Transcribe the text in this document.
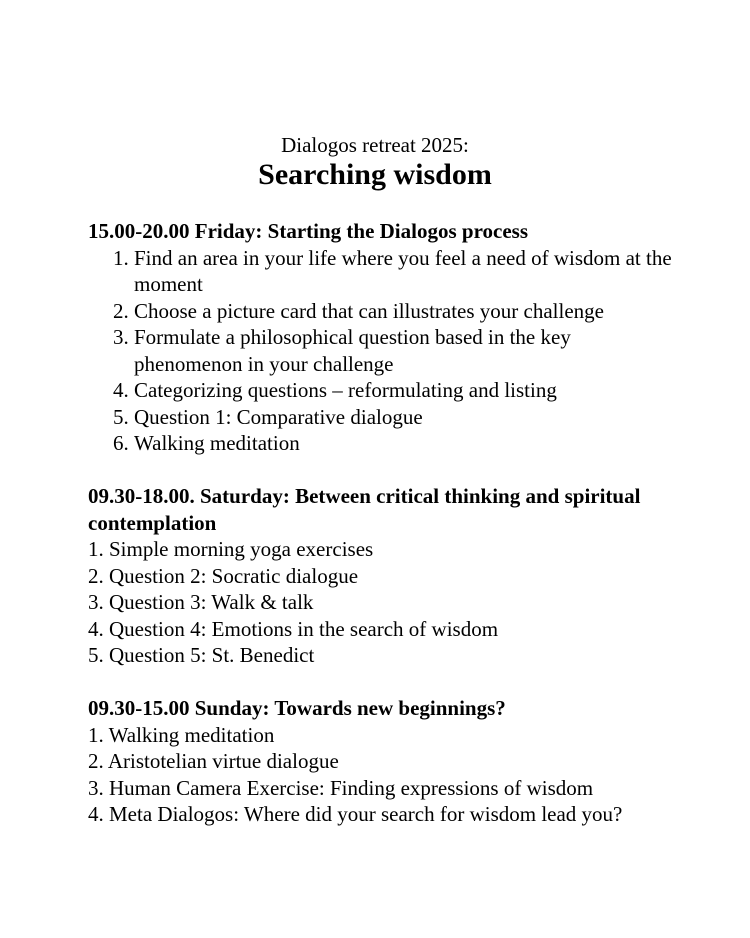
Dialogos retreat 2025:
Searching wisdom

15.00-20.00 Friday: Starting the Dialogos process

1. Find an area in your life where you feel a need of wisdom at the moment
2. Choose a picture card that can illustrates your challenge
3. Formulate a philosophical question based in the key phenomenon in your challenge
4. Categorizing questions – reformulating and listing
5. Question 1: Comparative dialogue
6. Walking meditation

09.30-18.00. Saturday: Between critical thinking and spiritual contemplation

1. Simple morning yoga exercises
2. Question 2: Socratic dialogue
3. Question 3: Walk & talk
4. Question 4: Emotions in the search of wisdom
5. Question 5: St. Benedict

09.30-15.00 Sunday: Towards new beginnings?

1. Walking meditation
2. Aristotelian virtue dialogue
3. Human Camera Exercise: Finding expressions of wisdom
4. Meta Dialogos: Where did your search for wisdom lead you?
